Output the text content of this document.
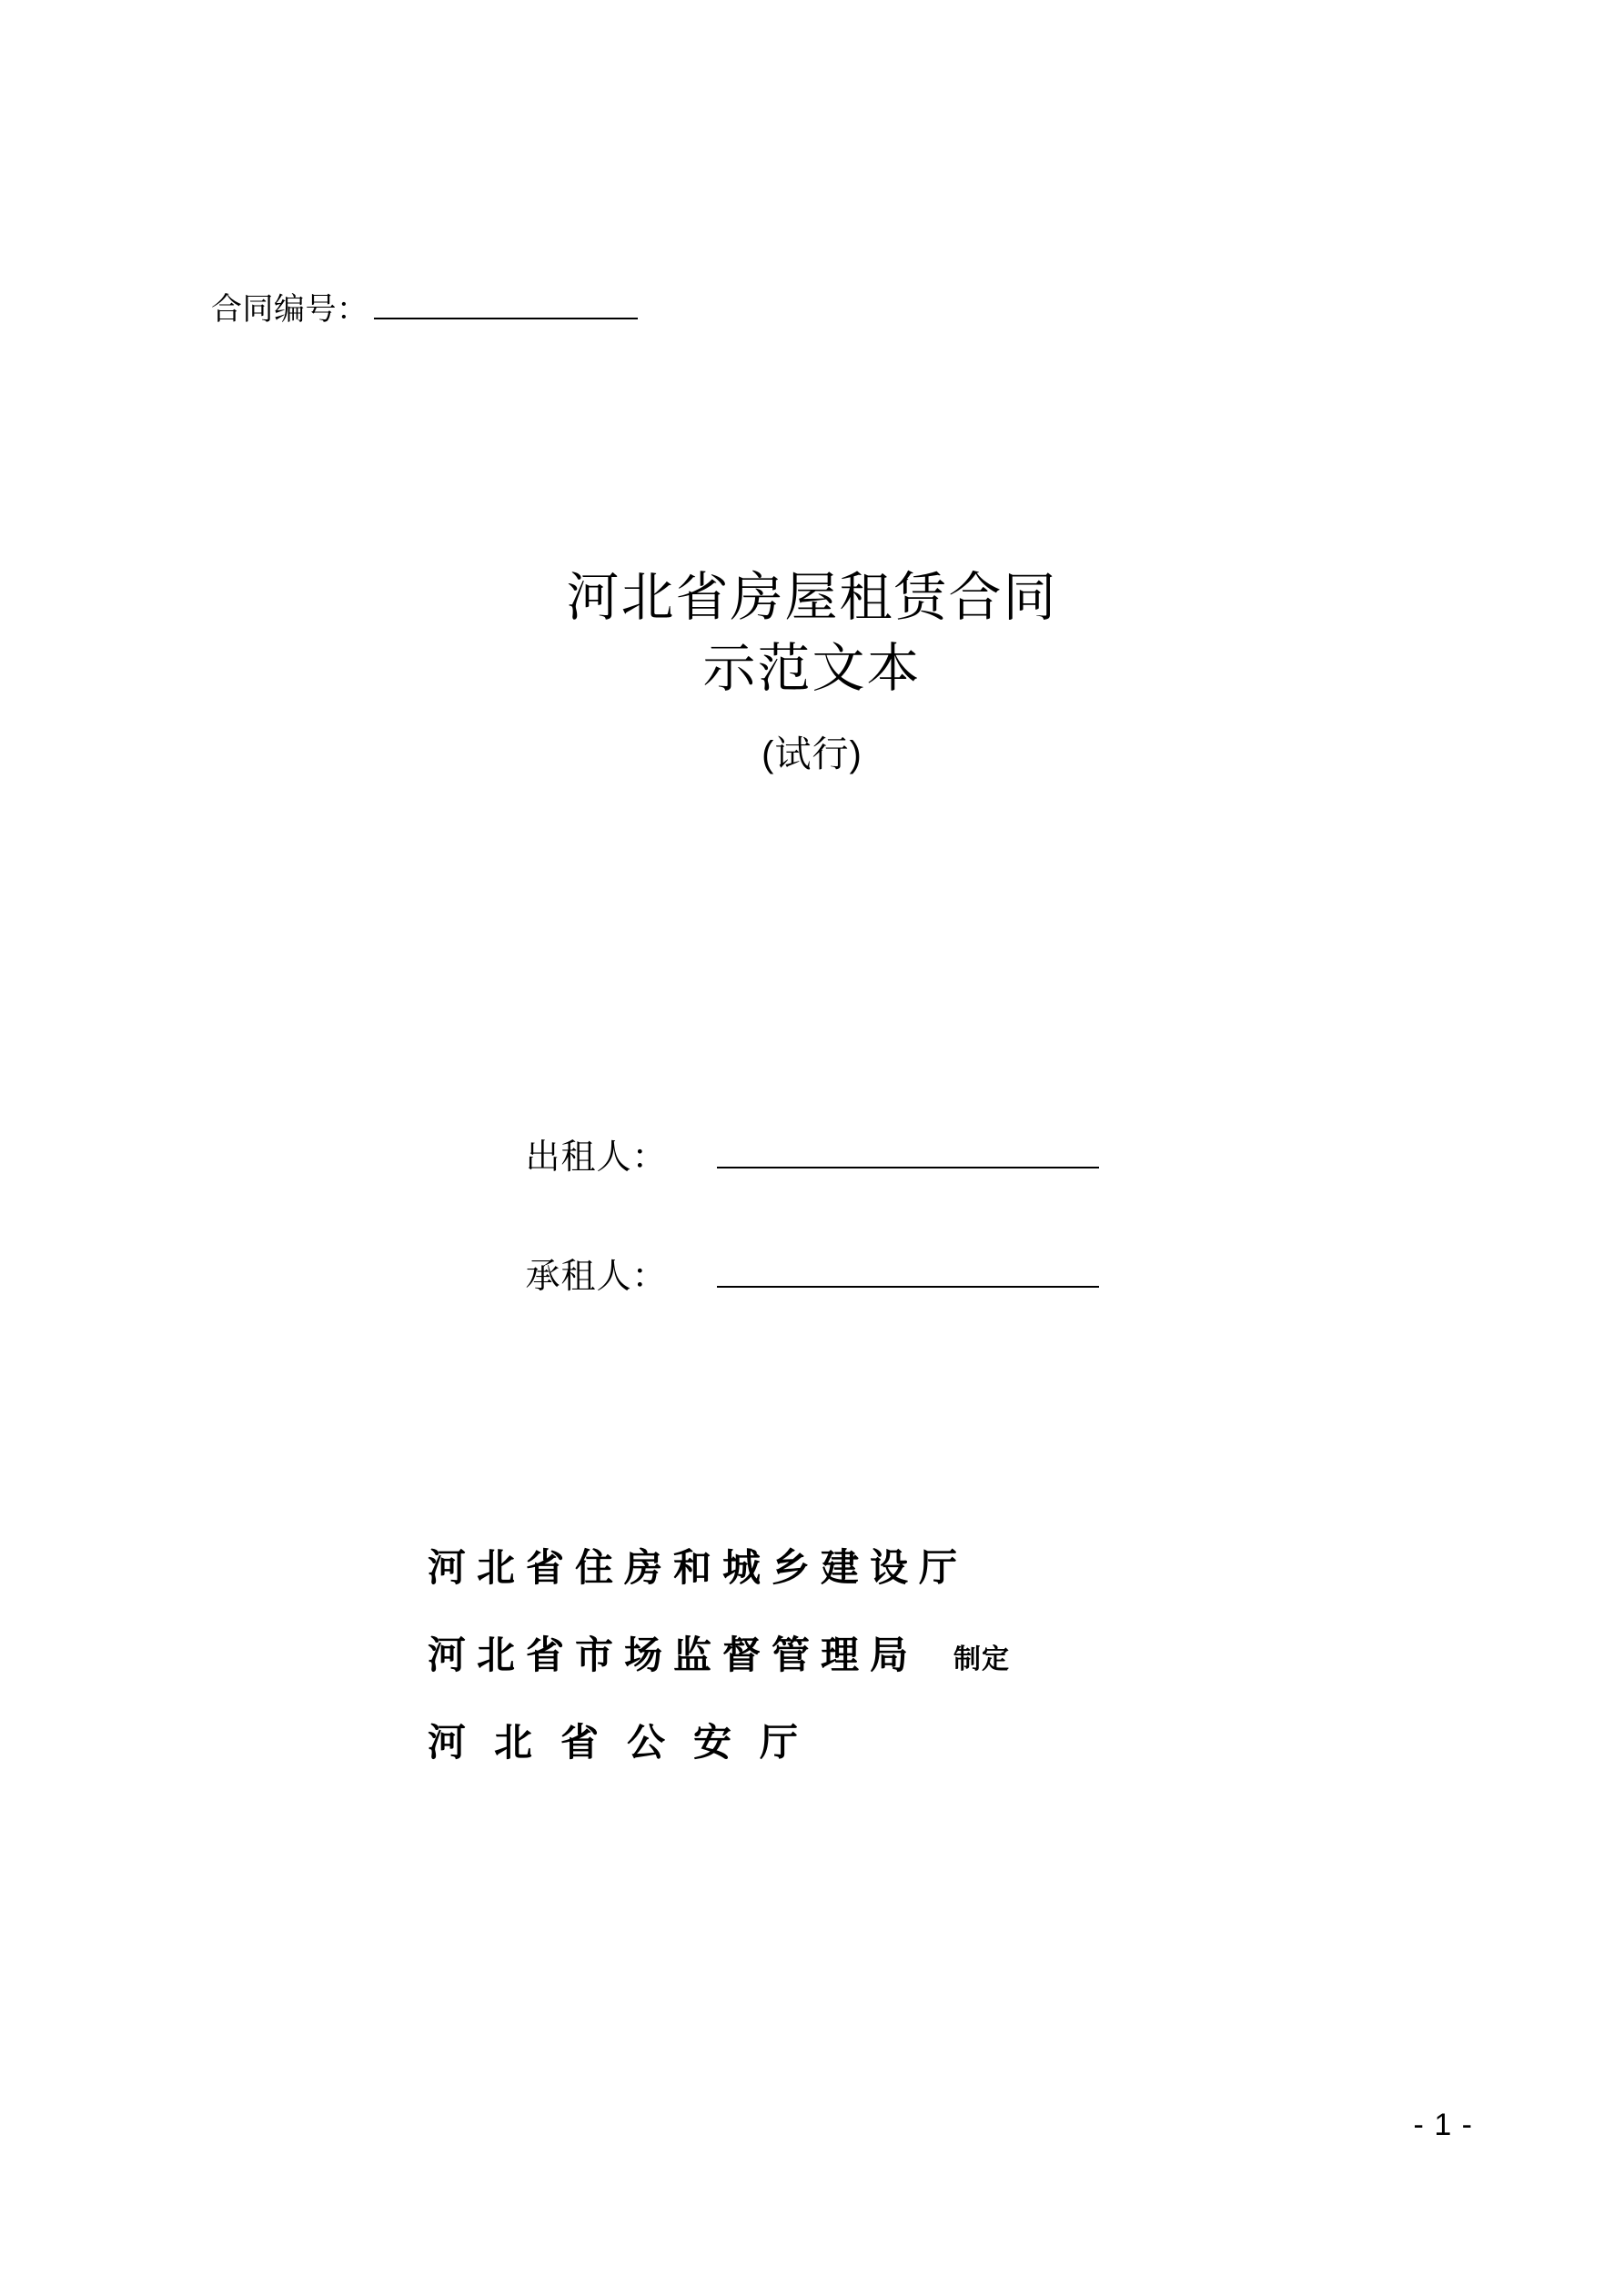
合同编号：
河北省房屋租赁合同
示范文本
(试行)
出租人：
承租人：
河北省住房和城乡建设厅
河北省市场监督管理局 制定
河北省公安厅
- 1 -
